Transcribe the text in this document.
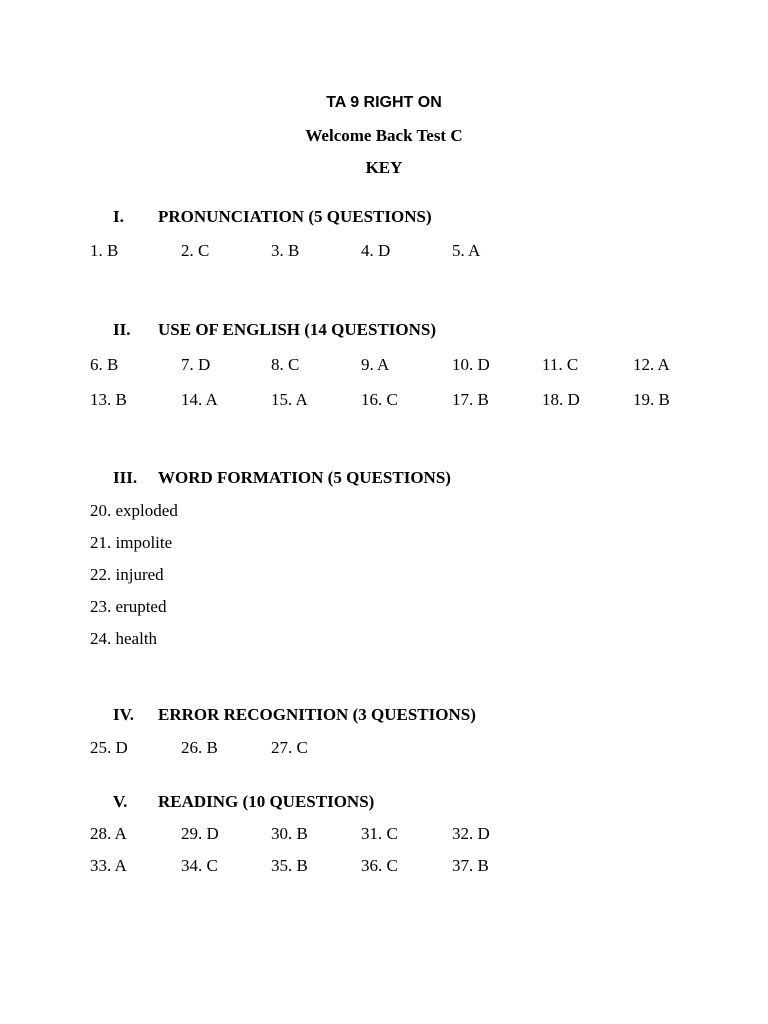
TA 9 RIGHT ON
Welcome Back Test C
KEY
I. PRONUNCIATION (5 QUESTIONS)
1. B	2. C	3. B	4. D	5. A
II. USE OF ENGLISH (14 QUESTIONS)
6. B	7. D	8. C	9. A	10. D	11. C	12. A
13. B	14. A	15. A	16. C	17. B	18. D	19. B
III. WORD FORMATION (5 QUESTIONS)
20. exploded
21. impolite
22. injured
23. erupted
24. health
IV. ERROR RECOGNITION (3 QUESTIONS)
25. D	26. B	27. C
V. READING (10 QUESTIONS)
28. A	29. D	30. B	31. C	32. D
33. A	34. C	35. B	36. C	37. B
